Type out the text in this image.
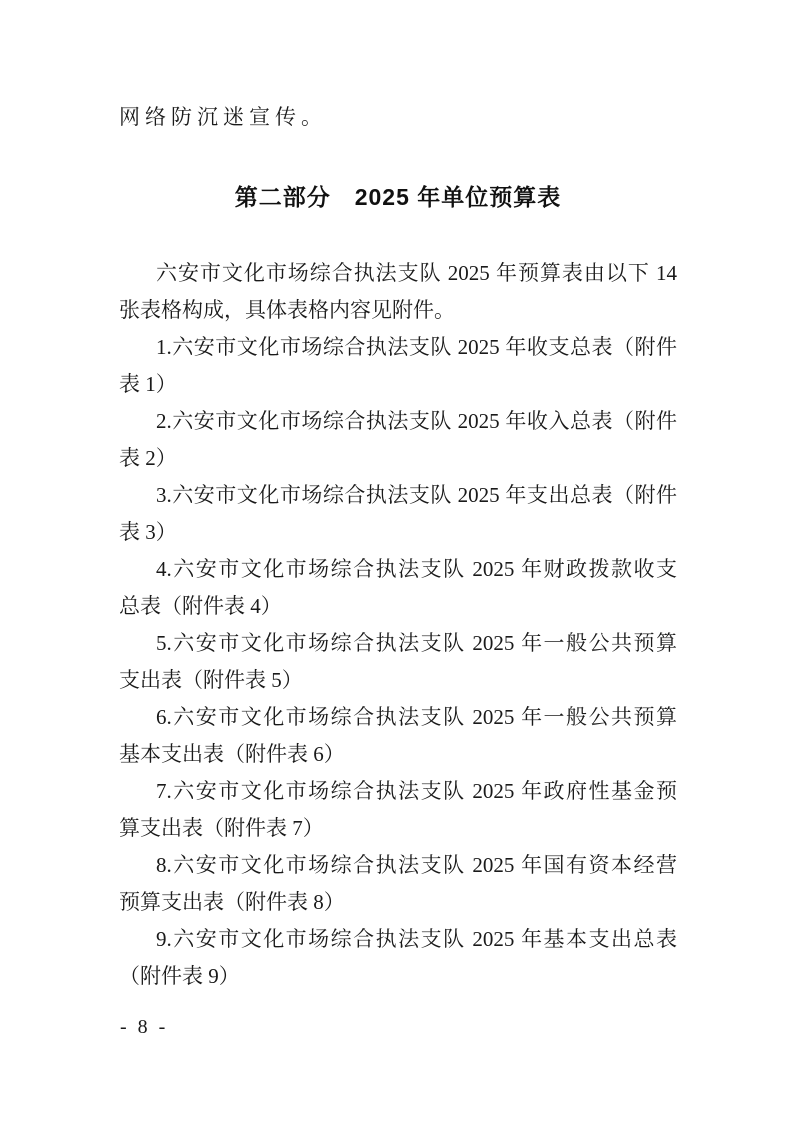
网络防沉迷宣传。
第二部分　2025 年单位预算表
六安市文化市场综合执法支队 2025 年预算表由以下 14
张表格构成，具体表格内容见附件。
1.六安市文化市场综合执法支队 2025 年收支总表（附件
表 1）
2.六安市文化市场综合执法支队 2025 年收入总表（附件
表 2）
3.六安市文化市场综合执法支队 2025 年支出总表（附件
表 3）
4.六安市文化市场综合执法支队 2025 年财政拨款收支
总表（附件表 4）
5.六安市文化市场综合执法支队 2025 年一般公共预算
支出表（附件表 5）
6.六安市文化市场综合执法支队 2025 年一般公共预算
基本支出表（附件表 6）
7.六安市文化市场综合执法支队 2025 年政府性基金预
算支出表（附件表 7）
8.六安市文化市场综合执法支队 2025 年国有资本经营
预算支出表（附件表 8）
9.六安市文化市场综合执法支队 2025 年基本支出总表
（附件表 9）
- 8 -
